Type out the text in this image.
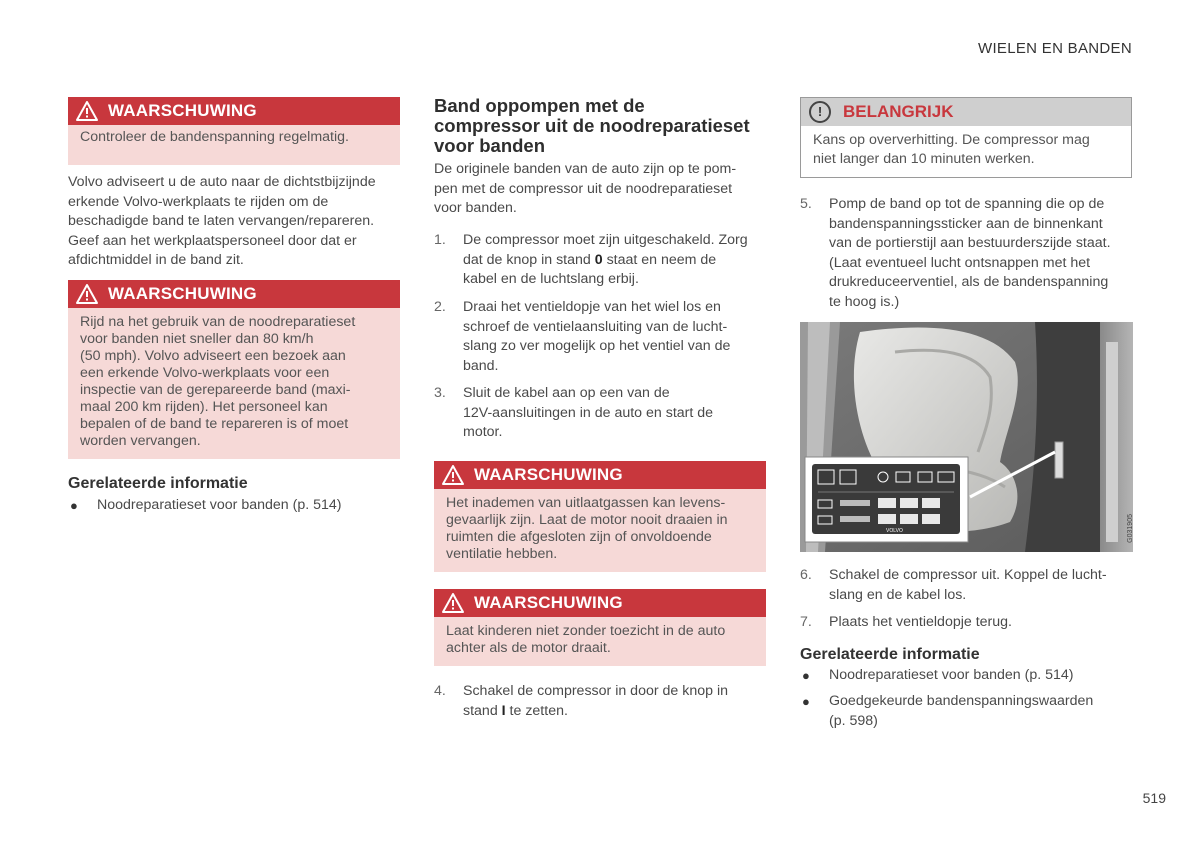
WIELEN EN BANDEN
WAARSCHUWING
Controleer de bandenspanning regelmatig.
Volvo adviseert u de auto naar de dichtstbijzijnde
erkende Volvo-werkplaats te rijden om de
beschadigde band te laten vervangen/repareren.
Geef aan het werkplaatspersoneel door dat er
afdichtmiddel in de band zit.
WAARSCHUWING
Rijd na het gebruik van de noodreparatieset
voor banden niet sneller dan 80 km/h
(50 mph). Volvo adviseert een bezoek aan
een erkende Volvo-werkplaats voor een
inspectie van de gerepareerde band (maxi-
maal 200 km rijden). Het personeel kan
bepalen of de band te repareren is of moet
worden vervangen.
Gerelateerde informatie
● Noodreparatieset voor banden (p. 514)
Band oppompen met de
compressor uit de noodreparatieset
voor banden
De originele banden van de auto zijn op te pom-
pen met de compressor uit de noodreparatieset
voor banden.
1. De compressor moet zijn uitgeschakeld. Zorg
dat de knop in stand 0 staat en neem de
kabel en de luchtslang erbij.
2. Draai het ventieldopje van het wiel los en
schroef de ventielaansluiting van de lucht-
slang zo ver mogelijk op het ventiel van de
band.
3. Sluit de kabel aan op een van de
12V-aansluitingen in de auto en start de
motor.
WAARSCHUWING
Het inademen van uitlaatgassen kan levens-
gevaarlijk zijn. Laat de motor nooit draaien in
ruimten die afgesloten zijn of onvoldoende
ventilatie hebben.
WAARSCHUWING
Laat kinderen niet zonder toezicht in de auto
achter als de motor draait.
4. Schakel de compressor in door de knop in
stand I te zetten.
!	BELANGRIJK
Kans op oververhitting. De compressor mag
niet langer dan 10 minuten werken.
5. Pomp de band op tot de spanning die op de
bandenspanningssticker aan de binnenkant
van de portierstijl aan bestuurderszijde staat.
(Laat eventueel lucht ontsnappen met het
drukreduceerventiel, als de bandenspanning
te hoog is.)
VOLVO	G031905
6. Schakel de compressor uit. Koppel de lucht-
slang en de kabel los.
7. Plaats het ventieldopje terug.
Gerelateerde informatie
● Noodreparatieset voor banden (p. 514)
● Goedgekeurde bandenspanningswaarden
(p. 598)
519
